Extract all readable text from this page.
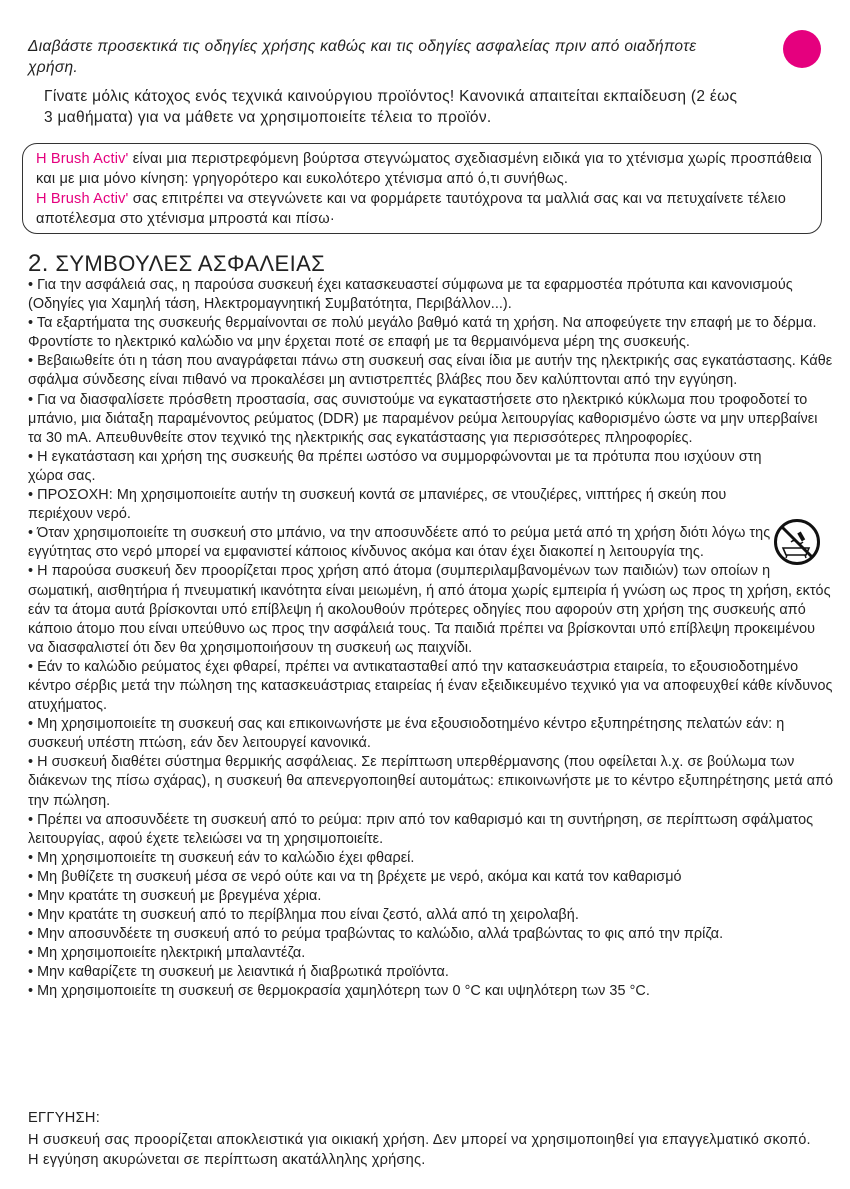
Διαβάστε προσεκτικά τις οδηγίες χρήσης καθώς και τις οδηγίες ασφαλείας πριν από οιαδήποτε χρήση.
Γίνατε μόλις κάτοχος ενός τεχνικά καινούργιου προϊόντος! Κανονικά απαιτείται εκπαίδευση (2 έως 3 μαθήματα) για να μάθετε να χρησιμοποιείτε τέλεια το προϊόν.
H Brush Activ' είναι μια περιστρεφόμενη βούρτσα στεγνώματος σχεδιασμένη ειδικά για το χτένισμα χωρίς προσπάθεια και με μια μόνο κίνηση: γρηγορότερο και ευκολότερο χτένισμα από ό,τι συνήθως.
H Brush Activ' σας επιτρέπει να στεγνώνετε και να φορμάρετε ταυτόχρονα τα μαλλιά σας και να πετυχαίνετε τέλειο αποτέλεσμα στο χτένισμα μπροστά και πίσω·
2. ΣΥΜΒΟΥΛΕΣ ΑΣΦΑΛΕΙΑΣ
• Για την ασφάλειά σας, η παρούσα συσκευή έχει κατασκευαστεί σύμφωνα με τα εφαρμοστέα πρότυπα και κανονισμούς (Οδηγίες για Χαμηλή τάση, Ηλεκτρομαγνητική Συμβατότητα, Περιβάλλον...).
• Τα εξαρτήματα της συσκευής θερμαίνονται σε πολύ μεγάλο βαθμό κατά τη χρήση. Να αποφεύγετε την επαφή με το δέρμα. Φροντίστε το ηλεκτρικό καλώδιο να μην έρχεται ποτέ σε επαφή με τα θερμαινόμενα μέρη της συσκευής.
• Βεβαιωθείτε ότι η τάση που αναγράφεται πάνω στη συσκευή σας είναι ίδια με αυτήν της ηλεκτρικής σας εγκατάστασης. Κάθε σφάλμα σύνδεσης είναι πιθανό να προκαλέσει μη αντιστρεπτές βλάβες που δεν καλύπτονται από την εγγύηση.
• Για να διασφαλίσετε πρόσθετη προστασία, σας συνιστούμε να εγκαταστήσετε στο ηλεκτρικό κύκλωμα που τροφοδοτεί το μπάνιο, μια διάταξη παραμένοντος ρεύματος (DDR) με παραμένον ρεύμα λειτουργίας καθορισμένο ώστε να μην υπερβαίνει τα 30 mA. Απευθυνθείτε στον τεχνικό της ηλεκτρικής σας εγκατάστασης για περισσότερες πληροφορίες.
• Η εγκατάσταση και χρήση της συσκευής θα πρέπει ωστόσο να συμμορφώνονται με τα πρότυπα που ισχύουν στη χώρα σας.
• ΠΡΟΣΟΧΗ: Μη χρησιμοποιείτε αυτήν τη συσκευή κοντά σε μπανιέρες, σε ντουζιέρες, νιπτήρες ή σκεύη που περιέχουν νερό.
• Όταν χρησιμοποιείτε τη συσκευή στο μπάνιο, να την αποσυνδέετε από το ρεύμα μετά από τη χρήση διότι λόγω της εγγύτητας στο νερό μπορεί να εμφανιστεί κάποιος κίνδυνος ακόμα και όταν έχει διακοπεί η λειτουργία της.
• Η παρούσα συσκευή δεν προορίζεται προς χρήση από άτομα (συμπεριλαμβανομένων των παιδιών) των οποίων η σωματική, αισθητήρια ή πνευματική ικανότητα είναι μειωμένη, ή από άτομα χωρίς εμπειρία ή γνώση ως προς τη χρήση, εκτός εάν τα άτομα αυτά βρίσκονται υπό επίβλεψη ή ακολουθούν πρότερες οδηγίες που αφορούν στη χρήση της συσκευής από κάποιο άτομο που είναι υπεύθυνο ως προς την ασφάλειά τους. Τα παιδιά πρέπει να βρίσκονται υπό επίβλεψη προκειμένου να διασφαλιστεί ότι δεν θα χρησιμοποιήσουν τη συσκευή ως παιχνίδι.
• Εάν το καλώδιο ρεύματος έχει φθαρεί, πρέπει να αντικατασταθεί από την κατασκευάστρια εταιρεία, το εξουσιοδοτημένο κέντρο σέρβις μετά την πώληση της κατασκευάστριας εταιρείας ή έναν εξειδικευμένο τεχνικό για να αποφευχθεί κάθε κίνδυνος ατυχήματος.
• Μη χρησιμοποιείτε τη συσκευή σας και επικοινωνήστε με ένα εξουσιοδοτημένο κέντρο εξυπηρέτησης πελατών εάν: η συσκευή υπέστη πτώση, εάν δεν λειτουργεί κανονικά.
• Η συσκευή διαθέτει σύστημα θερμικής ασφάλειας. Σε περίπτωση υπερθέρμανσης (που οφείλεται λ.χ. σε βούλωμα των διάκενων της πίσω σχάρας), η συσκευή θα απενεργοποιηθεί αυτομάτως: επικοινωνήστε με το κέντρο εξυπηρέτησης μετά από την πώληση.
• Πρέπει να αποσυνδέετε τη συσκευή από το ρεύμα: πριν από τον καθαρισμό και τη συντήρηση, σε περίπτωση σφάλματος λειτουργίας, αφού έχετε τελειώσει να τη χρησιμοποιείτε.
• Μη χρησιμοποιείτε τη συσκευή εάν το καλώδιο έχει φθαρεί.
• Μη βυθίζετε τη συσκευή μέσα σε νερό ούτε και να τη βρέχετε με νερό, ακόμα και κατά τον καθαρισμό
• Μην κρατάτε τη συσκευή με βρεγμένα χέρια.
• Μην κρατάτε τη συσκευή από το περίβλημα που είναι ζεστό, αλλά από τη χειρολαβή.
• Μην αποσυνδέετε τη συσκευή από το ρεύμα τραβώντας το καλώδιο, αλλά τραβώντας το φις από την πρίζα.
• Μη χρησιμοποιείτε ηλεκτρική μπαλαντέζα.
• Μην καθαρίζετε τη συσκευή με λειαντικά ή διαβρωτικά προϊόντα.
• Μη χρησιμοποιείτε τη συσκευή σε θερμοκρασία χαμηλότερη των 0 °C και υψηλότερη των 35 °C.
ΕΓΓΥΗΣΗ:
Η συσκευή σας προορίζεται αποκλειστικά για οικιακή χρήση. Δεν μπορεί να χρησιμοποιηθεί για επαγγελματικό σκοπό. Η εγγύηση ακυρώνεται σε περίπτωση ακατάλληλης χρήσης.
